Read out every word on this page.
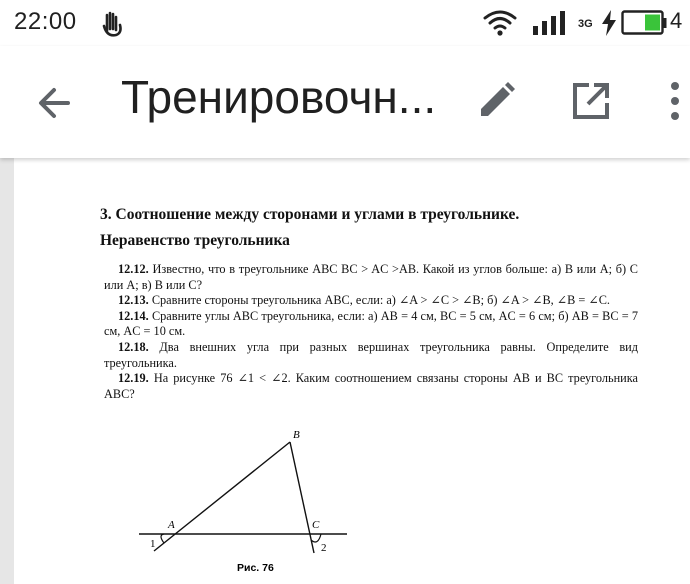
22:00	3G	4
Тренировочн...
3. Соотношение между сторонами и углами в треугольнике.
Неравенство треугольника

12.12. Известно, что в треугольнике ABC BC > AC >AB. Какой из углов больше: а) B или A; б) C или A; в) B или C?

12.13. Сравните стороны треугольника ABC, если: а) ∠A > ∠C > ∠B; б) ∠A > ∠B, ∠B = ∠C.

12.14. Сравните углы ABC треугольника, если: а) AB = 4 см, BC = 5 см, AC = 6 см; б) AB = BC = 7 см, AC = 10 см.

12.18. Два внешних угла при разных вершинах треугольника равны. Определите вид треугольника.

12.19. На рисунке 76 ∠1 < ∠2. Каким соотношением связаны стороны AB и BC треугольника ABC?

B
A	C
1	2
Рис. 76
